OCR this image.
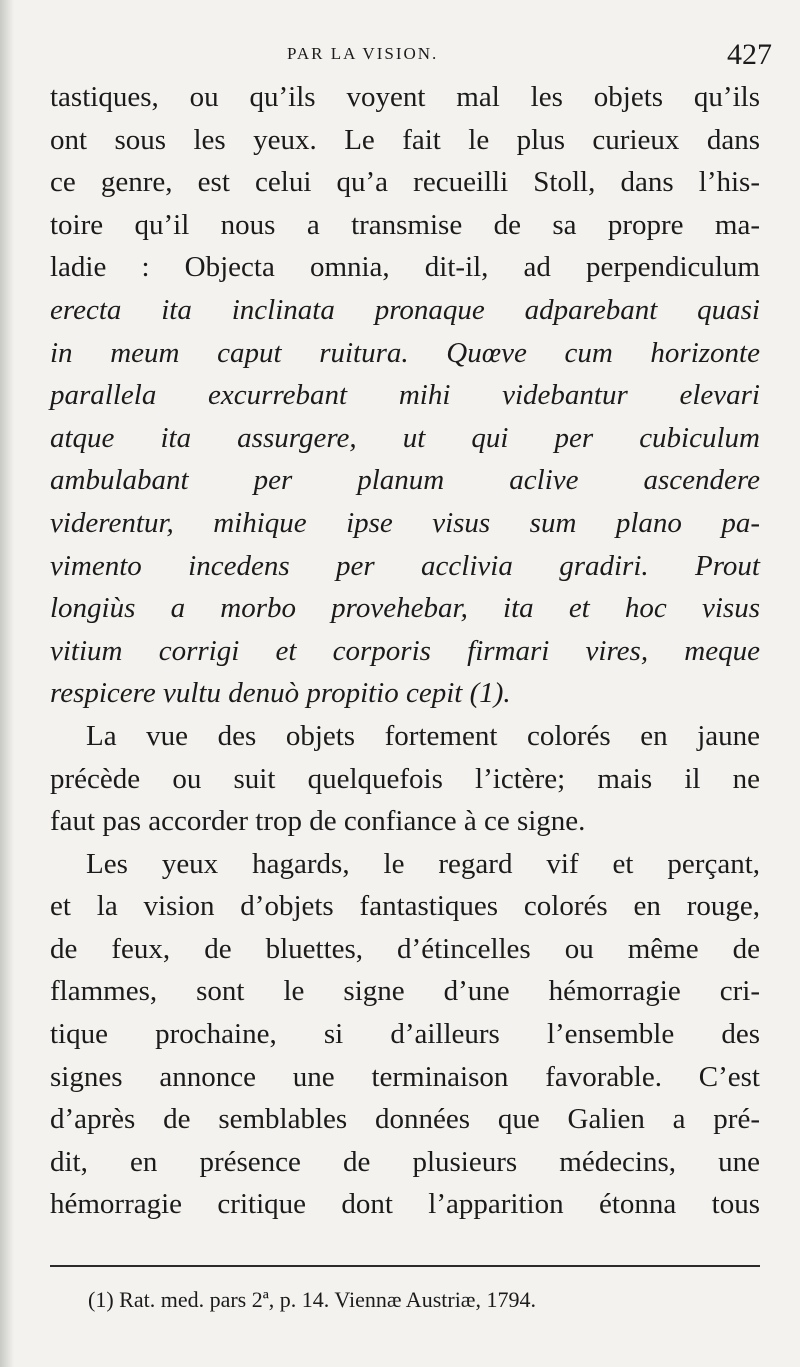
PAR LA VISION.	427
tastiques, ou qu’ils voyent mal les objets qu’ils
ont sous les yeux. Le fait le plus curieux dans
ce genre, est celui qu’a recueilli Stoll, dans l’his-
toire qu’il nous a transmise de sa propre ma-
ladie : Objecta omnia, dit-il, ad perpendiculum
erecta ita inclinata pronaque adparebant quasi
in meum caput ruitura. Quœve cum horizonte
parallela excurrebant mihi videbantur elevari
atque ita assurgere, ut qui per cubiculum
ambulabant per planum aclive ascendere
viderentur, mihique ipse visus sum plano pa-
vimento incedens per acclivia gradiri. Prout
longiùs a morbo provehebar, ita et hoc visus
vitium corrigi et corporis firmari vires, meque
respicere vultu denuò propitio cepit (1).
La vue des objets fortement colorés en jaune
précède ou suit quelquefois l’ictère; mais il ne
faut pas accorder trop de confiance à ce signe.
Les yeux hagards, le regard vif et perçant,
et la vision d’objets fantastiques colorés en rouge,
de feux, de bluettes, d’étincelles ou même de
flammes, sont le signe d’une hémorragie cri-
tique prochaine, si d’ailleurs l’ensemble des
signes annonce une terminaison favorable. C’est
d’après de semblables données que Galien a pré-
dit, en présence de plusieurs médecins, une
hémorragie critique dont l’apparition étonna tous
(1) Rat. med. pars 2ª, p. 14. Viennæ Austriæ, 1794.
